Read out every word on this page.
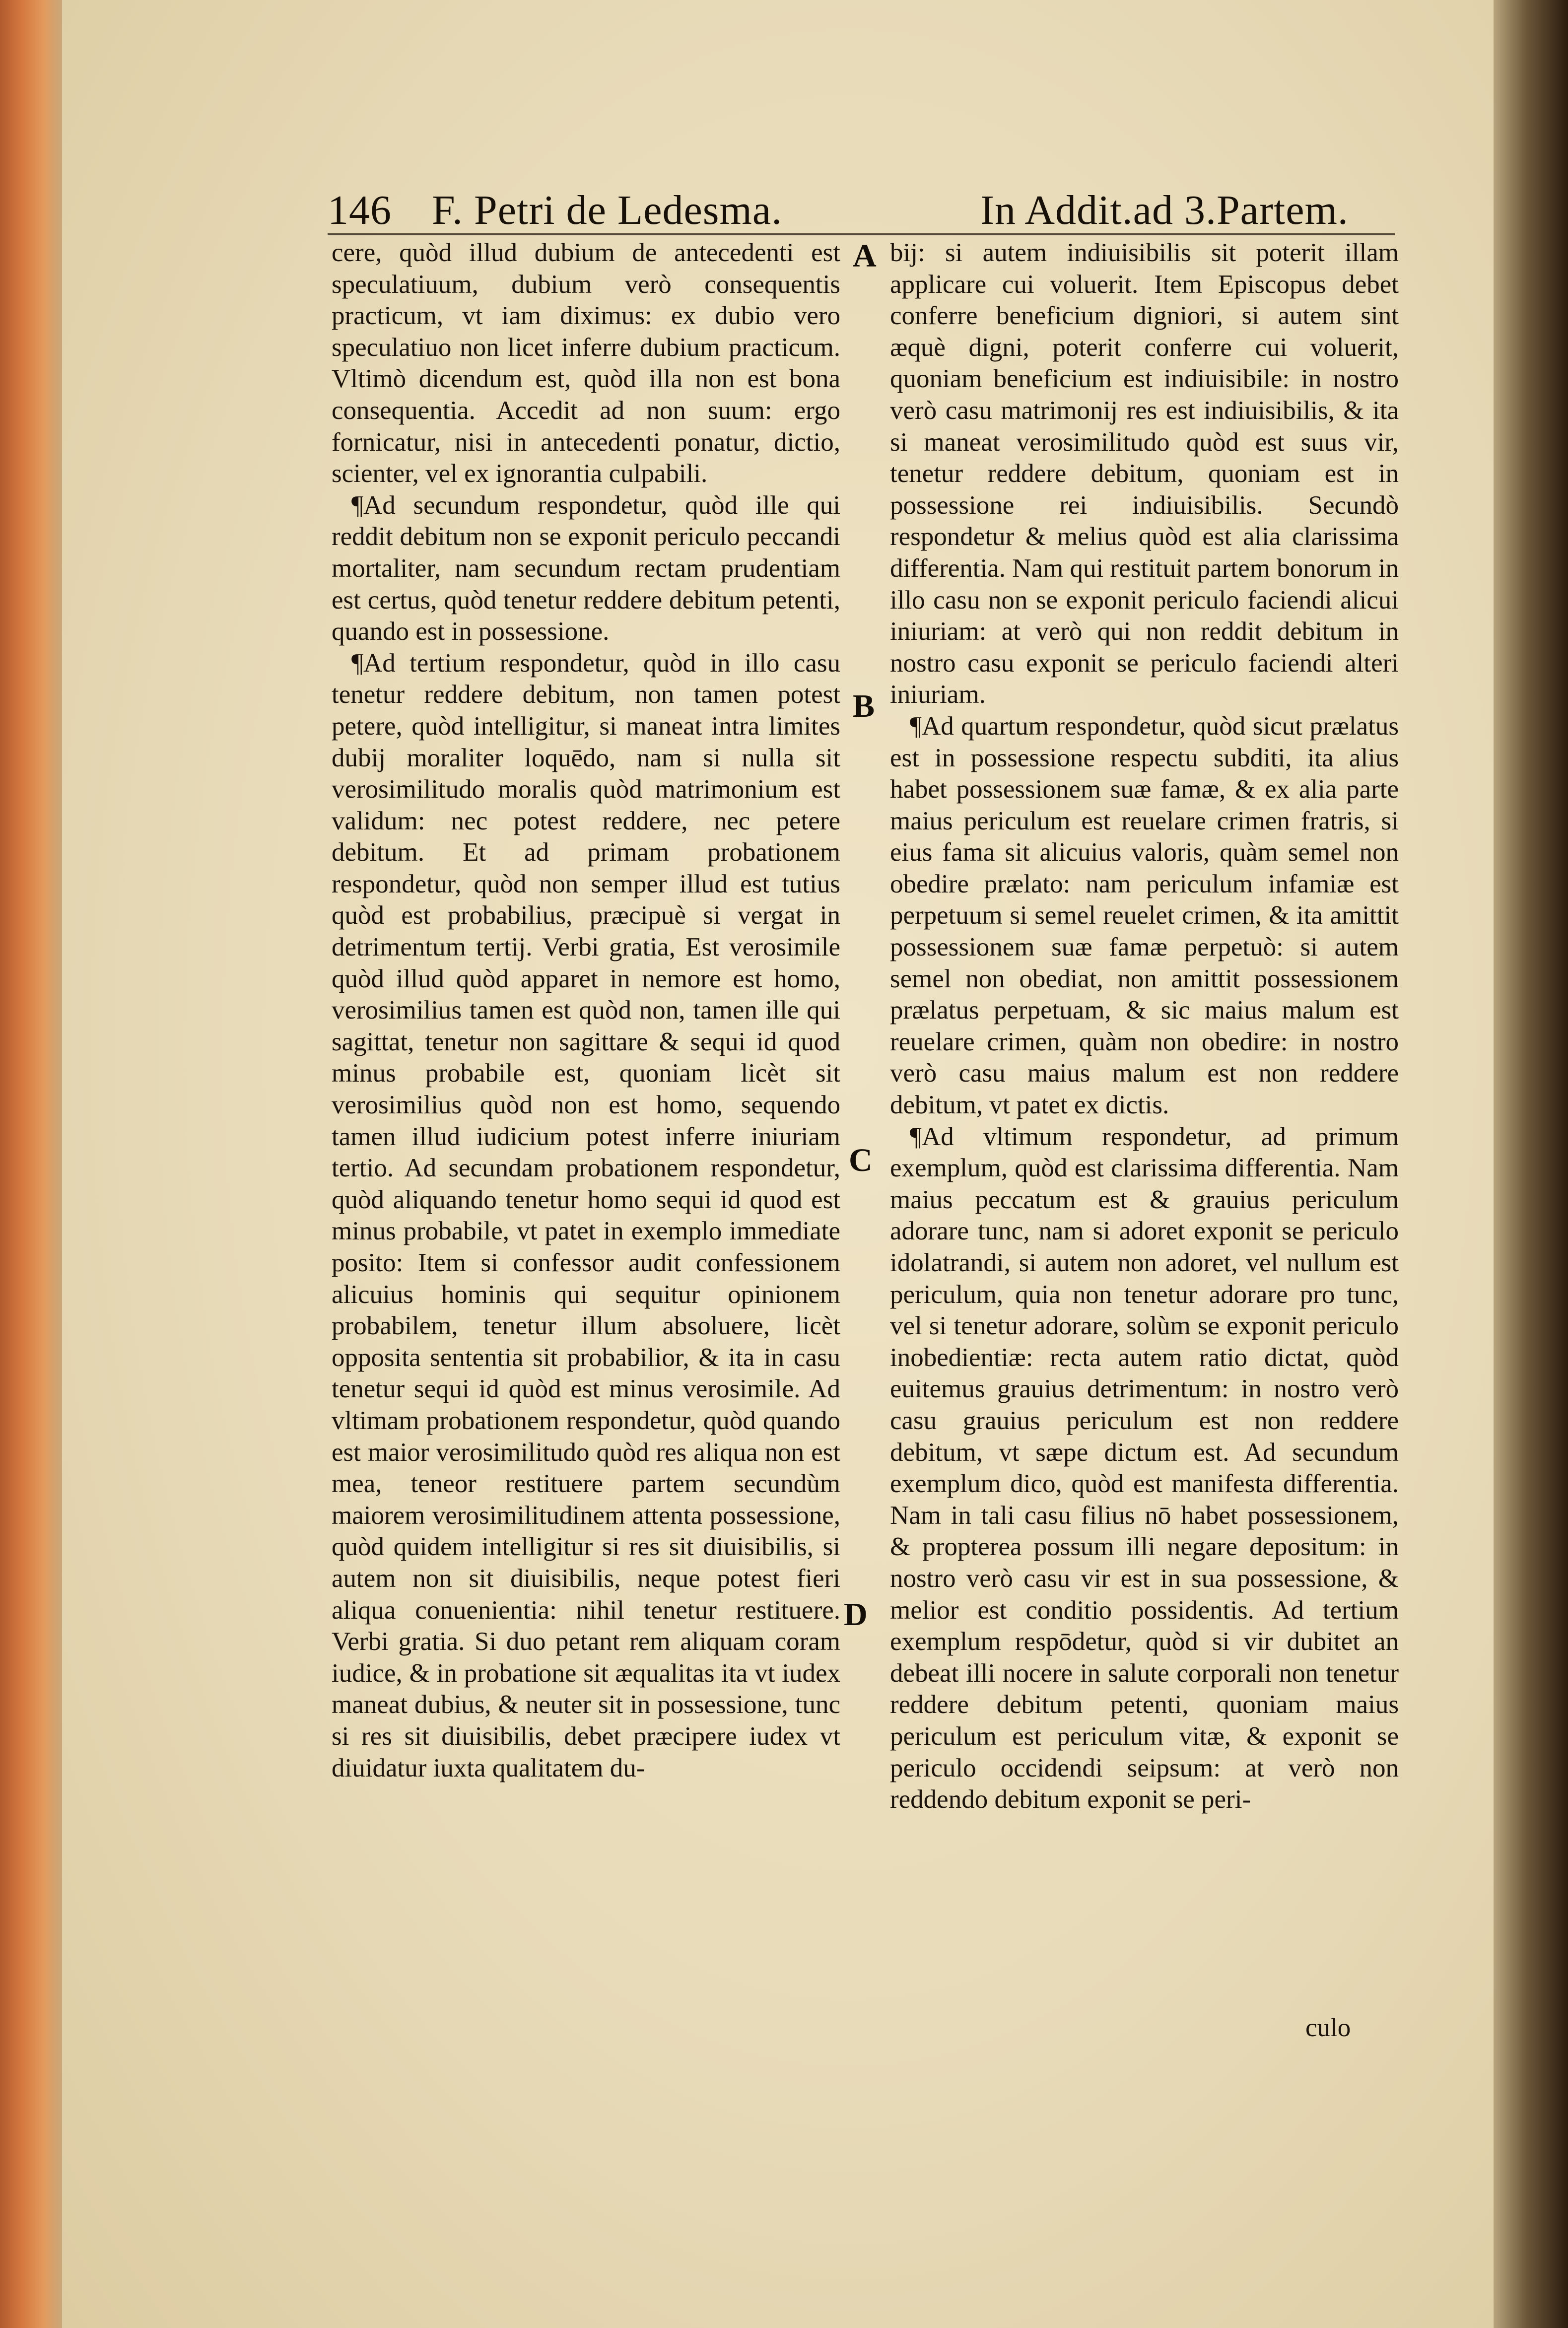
146 F. Petri de Ledesma.	In Addit.ad 3.Partem.

cere, quòd illud dubium de antecedenti est speculatiuum, dubium verò consequentis practicum, vt iam diximus: ex dubio vero speculatiuo non licet inferre dubium practicum. Vltimò dicendum est, quòd illa non est bona consequentia. Accedit ad non suum: ergo fornicatur, nisi in antecedenti ponatur, dictio, scienter, vel ex ignorantia culpabili.

¶Ad secundum respondetur, quòd ille qui reddit debitum non se exponit periculo peccandi mortaliter, nam secundum rectam prudentiam est certus, quòd tenetur reddere debitum petenti, quando est in possessione.

¶Ad tertium respondetur, quòd in illo casu tenetur reddere debitum, non tamen potest petere, quòd intelligitur, si maneat intra limites dubij moraliter loquēdo, nam si nulla sit verosimilitudo moralis quòd matrimonium est validum: nec potest reddere, nec petere debitum. Et ad primam probationem respondetur, quòd non semper illud est tutius quòd est probabilius, præcipuè si vergat in detrimentum tertij. Verbi gratia, Est verosimile quòd illud quòd apparet in nemore est homo, verosimilius tamen est quòd non, tamen ille qui sagittat, tenetur non sagittare & sequi id quod minus probabile est, quoniam licèt sit verosimilius quòd non est homo, sequendo tamen illud iudicium potest inferre iniuriam tertio. Ad secundam probationem respondetur, quòd aliquando tenetur homo sequi id quod est minus probabile, vt patet in exemplo immediate posito: Item si confessor audit confessionem alicuius hominis qui sequitur opinionem probabilem, tenetur illum absoluere, licèt opposita sententia sit probabilior, & ita in casu tenetur sequi id quòd est minus verosimile. Ad vltimam probationem respondetur, quòd quando est maior verosimilitudo quòd res aliqua non est mea, teneor restituere partem secundùm maiorem verosimilitudinem attenta possessione, quòd quidem intelligitur si res sit diuisibilis, si autem non sit diuisibilis, neque potest fieri aliqua conuenientia: nihil tenetur restituere. Verbi gratia. Si duo petant rem aliquam coram iudice, & in probatione sit æqualitas ita vt iudex maneat dubius, & neuter sit in possessione, tunc si res sit diuisibilis, debet præcipere iudex vt diuidatur iuxta qualitatem du-

bij: si autem indiuisibilis sit poterit illam applicare cui voluerit. Item Episcopus debet conferre beneficium digniori, si autem sint æquè digni, poterit conferre cui voluerit, quoniam beneficium est indiuisibile: in nostro verò casu matrimonij res est indiuisibilis, & ita si maneat verosimilitudo quòd est suus vir, tenetur reddere debitum, quoniam est in possessione rei indiuisibilis. Secundò respondetur & melius quòd est alia clarissima differentia. Nam qui restituit partem bonorum in illo casu non se exponit periculo faciendi alicui iniuriam: at verò qui non reddit debitum in nostro casu exponit se periculo faciendi alteri iniuriam.

¶Ad quartum respondetur, quòd sicut prælatus est in possessione respectu subditi, ita alius habet possessionem suæ famæ, & ex alia parte maius periculum est reuelare crimen fratris, si eius fama sit alicuius valoris, quàm semel non obedire prælato: nam periculum infamiæ est perpetuum si semel reuelet crimen, & ita amittit possessionem suæ famæ perpetuò: si autem semel non obediat, non amittit possessionem prælatus perpetuam, & sic maius malum est reuelare crimen, quàm non obedire: in nostro verò casu maius malum est non reddere debitum, vt patet ex dictis.

¶Ad vltimum respondetur, ad primum exemplum, quòd est clarissima differentia. Nam maius peccatum est & grauius periculum adorare tunc, nam si adoret exponit se periculo idolatrandi, si autem non adoret, vel nullum est periculum, quia non tenetur adorare pro tunc, vel si tenetur adorare, solùm se exponit periculo inobedientiæ: recta autem ratio dictat, quòd euitemus grauius detrimentum: in nostro verò casu grauius periculum est non reddere debitum, vt sæpe dictum est. Ad secundum exemplum dico, quòd est manifesta differentia. Nam in tali casu filius nō habet possessionem, & propterea possum illi negare depositum: in nostro verò casu vir est in sua possessione, & melior est conditio possidentis. Ad tertium exemplum respōdetur, quòd si vir dubitet an debeat illi nocere in salute corporali non tenetur reddere debitum petenti, quoniam maius periculum est periculum vitæ, & exponit se periculo occidendi seipsum: at verò non reddendo debitum exponit se peri-

A
B
C
D
culo
